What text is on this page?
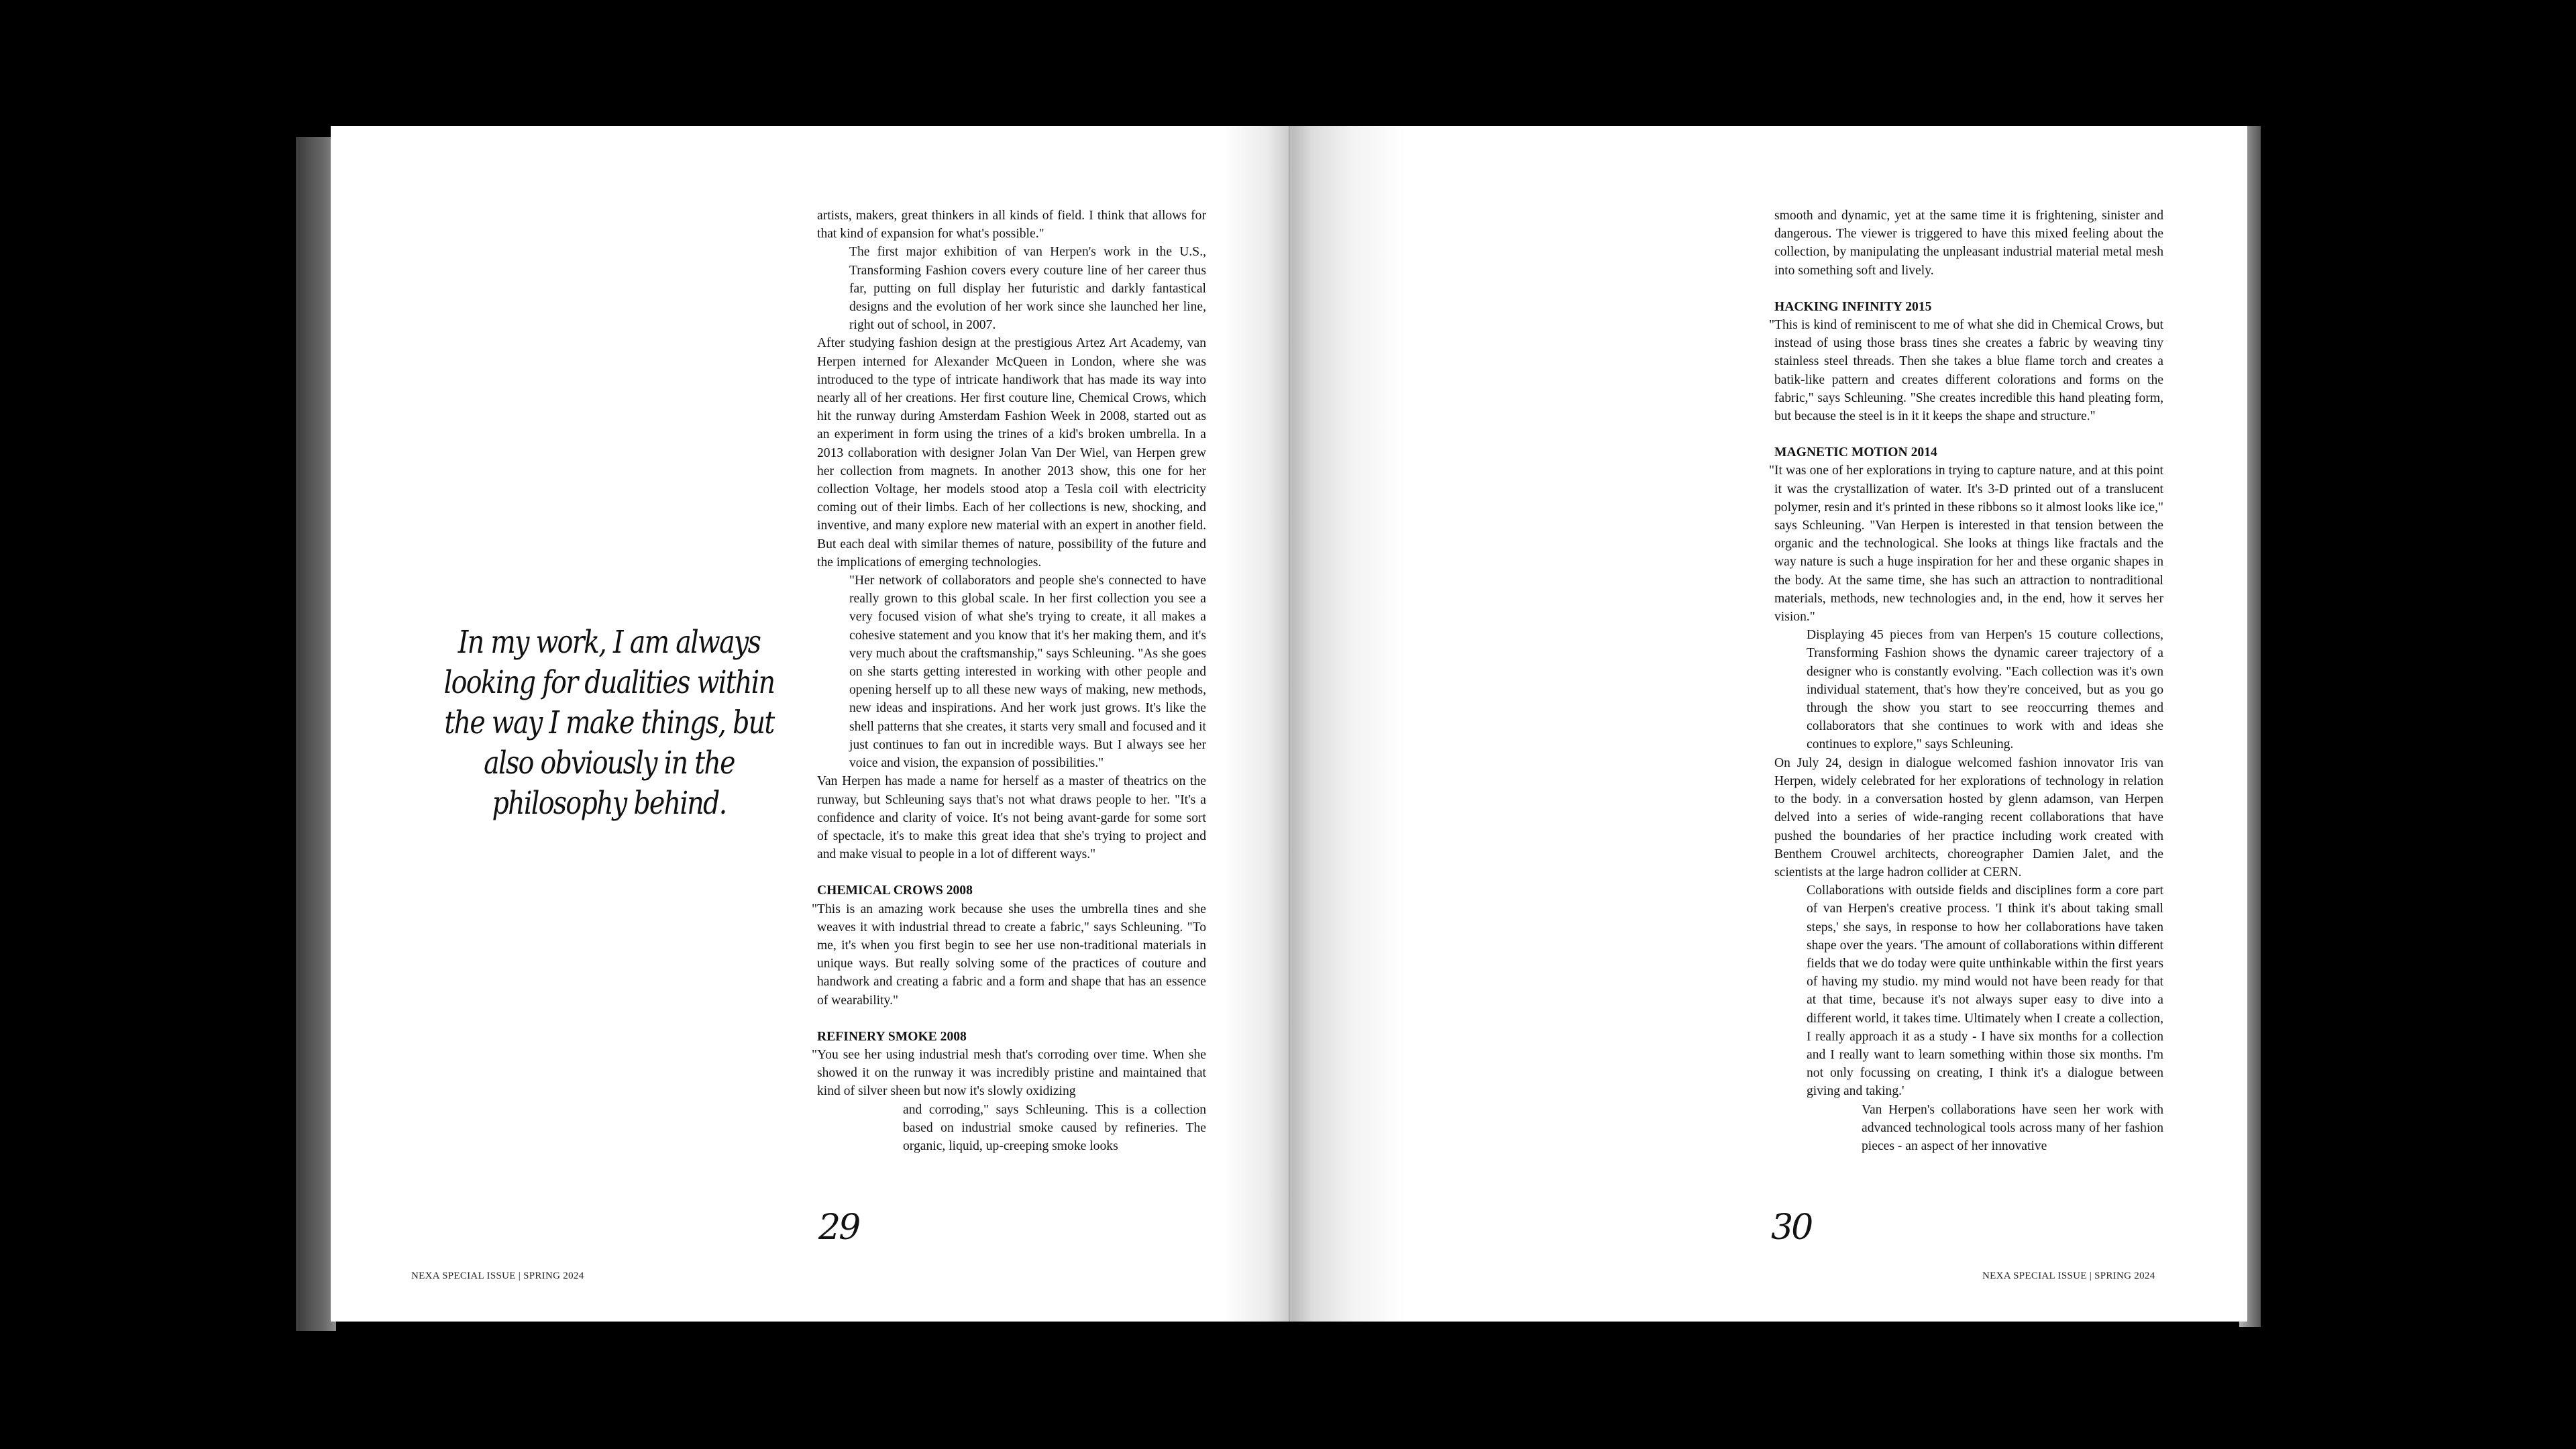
In my work, I am always looking for dualities within the way I make things, but also obviously in the philosophy behind.

artists, makers, great thinkers in all kinds of field. I think that allows for that kind of expansion for what's possible."

The first major exhibition of van Herpen's work in the U.S., Transforming Fashion covers every couture line of her career thus far, putting on full display her futuristic and darkly fantastical designs and the evolution of her work since she launched her line, right out of school, in 2007.

After studying fashion design at the prestigious Artez Art Academy, van Herpen interned for Alexander McQueen in London, where she was introduced to the type of intricate handiwork that has made its way into nearly all of her creations. Her first couture line, Chemical Crows, which hit the runway during Amsterdam Fashion Week in 2008, started out as an experiment in form using the trines of a kid's broken umbrella. In a 2013 collaboration with designer Jolan Van Der Wiel, van Herpen grew her collection from magnets. In another 2013 show, this one for her collection Voltage, her models stood atop a Tesla coil with electricity coming out of their limbs. Each of her collections is new, shocking, and inventive, and many explore new material with an expert in another field. But each deal with similar themes of nature, possibility of the future and the implications of emerging technologies.

"Her network of collaborators and people she's connected to have really grown to this global scale. In her first collection you see a very focused vision of what she's trying to create, it all makes a cohesive statement and you know that it's her making them, and it's very much about the craftsmanship," says Schleuning. "As she goes on she starts getting interested in working with other people and opening herself up to all these new ways of making, new methods, new ideas and inspirations. And her work just grows. It's like the shell patterns that she creates, it starts very small and focused and it just continues to fan out in incredible ways. But I always see her voice and vision, the expansion of possibilities."

Van Herpen has made a name for herself as a master of theatrics on the runway, but Schleuning says that's not what draws people to her. "It's a confidence and clarity of voice. It's not being avant-garde for some sort of spectacle, it's to make this great idea that she's trying to project and and make visual to people in a lot of different ways."

CHEMICAL CROWS 2008

"This is an amazing work because she uses the umbrella tines and she weaves it with industrial thread to create a fabric," says Schleuning. "To me, it's when you first begin to see her use non-traditional materials in unique ways. But really solving some of the practices of couture and handwork and creating a fabric and a form and shape that has an essence of wearability."

REFINERY SMOKE 2008

"You see her using industrial mesh that's corroding over time. When she showed it on the runway it was incredibly pristine and maintained that kind of silver sheen but now it's slowly oxidizing

and corroding," says Schleuning. This is a collection based on industrial smoke caused by refineries. The organic, liquid, up-creeping smoke looks

29
NEXA SPECIAL ISSUE | SPRING 2024

smooth and dynamic, yet at the same time it is frightening, sinister and dangerous. The viewer is triggered to have this mixed feeling about the collection, by manipulating the unpleasant industrial material metal mesh into something soft and lively.

HACKING INFINITY 2015

"This is kind of reminiscent to me of what she did in Chemical Crows, but instead of using those brass tines she creates a fabric by weaving tiny stainless steel threads. Then she takes a blue flame torch and creates a batik-like pattern and creates different colorations and forms on the fabric," says Schleuning. "She creates incredible this hand pleating form, but because the steel is in it it keeps the shape and structure."

MAGNETIC MOTION 2014

"It was one of her explorations in trying to capture nature, and at this point it was the crystallization of water. It's 3-D printed out of a translucent polymer, resin and it's printed in these ribbons so it almost looks like ice," says Schleuning. "Van Herpen is interested in that tension between the organic and the technological. She looks at things like fractals and the way nature is such a huge inspiration for her and these organic shapes in the body. At the same time, she has such an attraction to nontraditional materials, methods, new technologies and, in the end, how it serves her vision."

Displaying 45 pieces from van Herpen's 15 couture collections, Transforming Fashion shows the dynamic career trajectory of a designer who is constantly evolving. "Each collection was it's own individual statement, that's how they're conceived, but as you go through the show you start to see reoccurring themes and collaborators that she continues to work with and ideas she continues to explore," says Schleuning.

On July 24, design in dialogue welcomed fashion innovator Iris van Herpen, widely celebrated for her explorations of technology in relation to the body. in a conversation hosted by glenn adamson, van Herpen delved into a series of wide-ranging recent collaborations that have pushed the boundaries of her practice including work created with Benthem Crouwel architects, choreographer Damien Jalet, and the scientists at the large hadron collider at CERN.

Collaborations with outside fields and disciplines form a core part of van Herpen's creative process. 'I think it's about taking small steps,' she says, in response to how her collaborations have taken shape over the years. 'The amount of collaborations within different fields that we do today were quite unthinkable within the first years of having my studio. my mind would not have been ready for that at that time, because it's not always super easy to dive into a different world, it takes time. Ultimately when I create a collection, I really approach it as a study - I have six months for a collection and I really want to learn something within those six months. I'm not only focussing on creating, I think it's a dialogue between giving and taking.'

Van Herpen's collaborations have seen her work with advanced technological tools across many of her fashion pieces - an aspect of her innovative

30
NEXA SPECIAL ISSUE | SPRING 2024
